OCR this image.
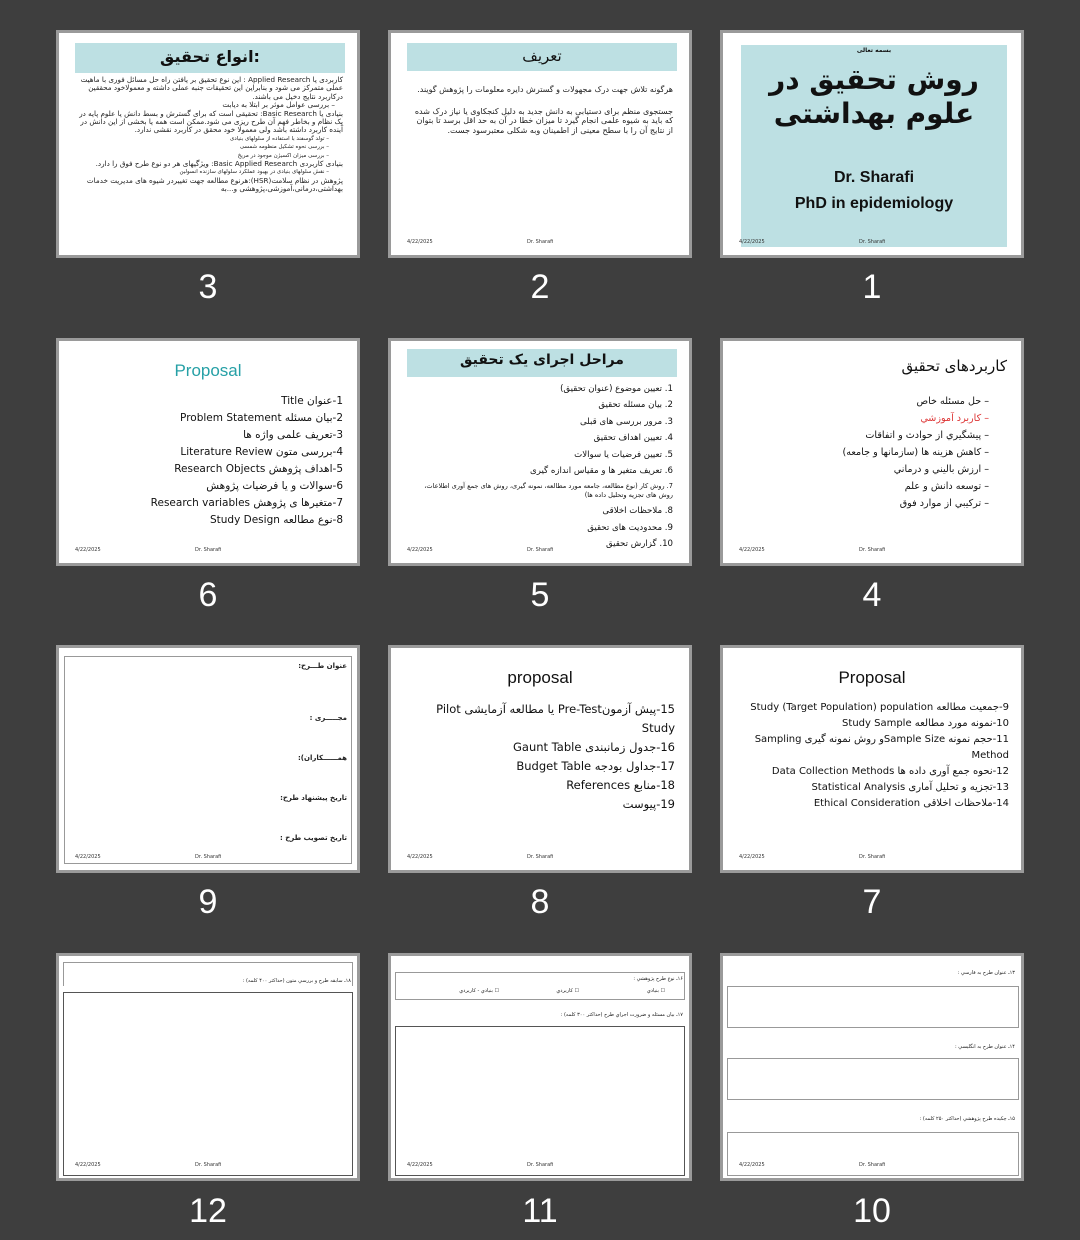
انواع تحقیق:
کاربردی یا Applied Research : این نوع تحقیق بر یافتن راه حل مسائل فوری با ماهیت عملی متمرکز می شود و بنابراین این تحقیقات جنبه عملی داشته و معمولاخود محققین درکاربرد نتایج دخیل می باشند.
– بررسی عوامل موثر بر ابتلا به دیابت
بنیادی یا Basic Research: تحقیقی است که برای گسترش و بسط دانش یا علوم پایه در یک نظام و بخاطر فهم آن طرح ریزی می شود.ممکن است همه یا بخشی از این دانش در آینده کاربرد داشته باشد ولی معمولا خود محقق در کاربرد نقشی ندارد.
– تولد گوسفند با استفاده از سلولهای بنیادی
– بررسی نحوه تشکیل منظومه شمسی
– بررسی میزان اکسیژن موجود در مریخ
بنیادی کاربردی Basic Applied Research: ویژگیهای هر دو نوع طرح فوق را دارد.
– نقش سلولهای بنیادی در بهبود عملکرد سلولهای سازنده انسولین
پژوهش در نظام سلامت(HSR):هرنوع مطالعه جهت تغییردر شیوه های مدیریت خدمات بهداشتی،درمانی،آموزشی،پژوهشی و...به
3
تعریف
هرگونه تلاش جهت درک مجهولات و گسترش دایره معلومات را پژوهش گویند.
جستجوی منظم برای دستیابی به دانش جدید به دلیل کنجکاوی یا نیاز درک شده که باید به شیوه علمی انجام گیرد تا میزان خطا در آن به حد اقل برسد تا بتوان از نتایج آن را با سطح معینی از اطمینان وبه شکلی معتبرسود جست.
4/22/2025	Dr. Sharafi
2
بسمه تعالی
روش تحقیق در علوم بهداشتی
Dr. Sharafi
PhD in epidemiology
4/22/2025	Dr. Sharafi
1
Proposal
1-عنوان Title
2-بیان مسئله Problem Statement
3-تعریف علمی واژه ها
4-بررسی متون Literature Review
5-اهداف پژوهش Research Objects
6-سوالات و یا فرضیات پژوهش
7-متغیرها ی پژوهش Research variables
8-نوع مطالعه Study Design
4/22/2025	Dr. Sharafi
6
مراحل اجرای یک تحقیق
1. تعیین موضوع (عنوان تحقیق)
2. بیان مسئله تحقیق
3. مرور بررسی های قبلی
4. تعیین اهداف تحقیق
5. تعیین فرضیات یا سوالات
6. تعریف متغیر ها و مقیاس اندازه گیری
7. روش کار (نوع مطالعه، جامعه مورد مطالعه، نمونه گیری، روش های جمع آوری اطلاعات، روش های تجزیه وتحلیل داده ها)
8. ملاحظات اخلاقی
9. محدودیت های تحقیق
10. گزارش تحقیق
4/22/2025	Dr. Sharafi
5
کاربردهای تحقیق
– حل مسئله خاص
– کاربرد آموزشي
– پيشگيري از حوادث و اتفاقات
– کاهش هزينه ها (سازمانها و جامعه)
– ارزش باليني و درماني
– توسعه دانش و علم
– ترکيبي از موارد فوق
4/22/2025	Dr. Sharafi
4
عنوان طـــرح:
مجـــــری :
همــــــكاران):
تاريخ پيشنهاد طرح:
تاريخ تصويب طرح :
4/22/2025	Dr. Sharafi
9
proposal
15-پیش آزمونPre-Test یا مطالعه آزمایشی Pilot Study
16-جدول زمانبندی Gaunt Table
17-جداول بودجه Budget Table
18-منابع References
19-پیوست
4/22/2025	Dr. Sharafi
8
Proposal
9-جمعیت مطالعه Study (Target Population) population
10-نمونه مورد مطالعه Study Sample
11-حجم نمونه Sample Sizeو روش نمونه گیری Sampling Method
12-نحوه جمع آوری داده ها Data Collection Methods
13-تجزیه و تحلیل آماری Statistical Analysis
14-ملاحظات اخلاقی Ethical Consideration
4/22/2025	Dr. Sharafi
7
۱۸ـ سابقه طرح و بررسي متون (حداكثر ۴۰۰ كلمه) :
4/22/2025	Dr. Sharafi
12
۱۶ـ نوع طرح پژوهشي :
☐ بنيادي
☐ كاربردي
☐ بنيادي - كاربردي
۱۷ـ بيان مسئله و ضرورت اجراي طرح (حداكثر ۳۰۰ كلمه) :
4/22/2025	Dr. Sharafi
11
۱۳ـ عنوان طرح به فارسي :
۱۴ـ عنوان طرح به انگليسي :
۱۵ـ چكيده طرح پژوهشي (حداكثر ۲۵۰ كلمه) :
4/22/2025	Dr. Sharafi
10
